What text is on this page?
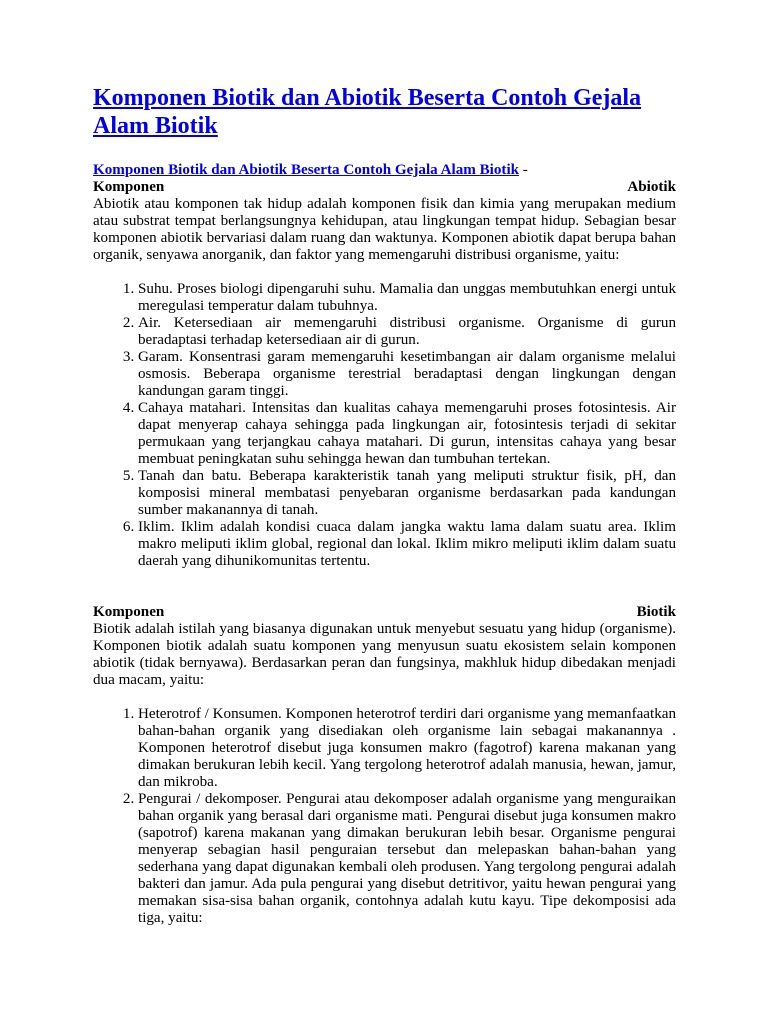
Komponen Biotik dan Abiotik Beserta Contoh Gejala Alam Biotik

Komponen Biotik dan Abiotik Beserta Contoh Gejala Alam Biotik -

Komponen	Abiotik

Abiotik atau komponen tak hidup adalah komponen fisik dan kimia yang merupakan medium atau substrat tempat berlangsungnya kehidupan, atau lingkungan tempat hidup. Sebagian besar komponen abiotik bervariasi dalam ruang dan waktunya. Komponen abiotik dapat berupa bahan organik, senyawa anorganik, dan faktor yang memengaruhi distribusi organisme, yaitu:

1. Suhu. Proses biologi dipengaruhi suhu. Mamalia dan unggas membutuhkan energi untuk meregulasi temperatur dalam tubuhnya.
2. Air. Ketersediaan air memengaruhi distribusi organisme. Organisme di gurun beradaptasi terhadap ketersediaan air di gurun.
3. Garam. Konsentrasi garam memengaruhi kesetimbangan air dalam organisme melalui osmosis. Beberapa organisme terestrial beradaptasi dengan lingkungan dengan kandungan garam tinggi.
4. Cahaya matahari. Intensitas dan kualitas cahaya memengaruhi proses fotosintesis. Air dapat menyerap cahaya sehingga pada lingkungan air, fotosintesis terjadi di sekitar permukaan yang terjangkau cahaya matahari. Di gurun, intensitas cahaya yang besar membuat peningkatan suhu sehingga hewan dan tumbuhan tertekan.
5. Tanah dan batu. Beberapa karakteristik tanah yang meliputi struktur fisik, pH, dan komposisi mineral membatasi penyebaran organisme berdasarkan pada kandungan sumber makanannya di tanah.
6. Iklim. Iklim adalah kondisi cuaca dalam jangka waktu lama dalam suatu area. Iklim makro meliputi iklim global, regional dan lokal. Iklim mikro meliputi iklim dalam suatu daerah yang dihunikomunitas tertentu.
Komponen	Biotik

Biotik adalah istilah yang biasanya digunakan untuk menyebut sesuatu yang hidup (organisme). Komponen biotik adalah suatu komponen yang menyusun suatu ekosistem selain komponen abiotik (tidak bernyawa). Berdasarkan peran dan fungsinya, makhluk hidup dibedakan menjadi dua macam, yaitu:

1. Heterotrof / Konsumen. Komponen heterotrof terdiri dari organisme yang memanfaatkan bahan-bahan organik yang disediakan oleh organisme lain sebagai makanannya . Komponen heterotrof disebut juga konsumen makro (fagotrof) karena makanan yang dimakan berukuran lebih kecil. Yang tergolong heterotrof adalah manusia, hewan, jamur, dan mikroba.
2. Pengurai / dekomposer. Pengurai atau dekomposer adalah organisme yang menguraikan bahan organik yang berasal dari organisme mati. Pengurai disebut juga konsumen makro (sapotrof) karena makanan yang dimakan berukuran lebih besar. Organisme pengurai menyerap sebagian hasil penguraian tersebut dan melepaskan bahan-bahan yang sederhana yang dapat digunakan kembali oleh produsen. Yang tergolong pengurai adalah bakteri dan jamur. Ada pula pengurai yang disebut detritivor, yaitu hewan pengurai yang memakan sisa-sisa bahan organik, contohnya adalah kutu kayu. Tipe dekomposisi ada tiga, yaitu:
